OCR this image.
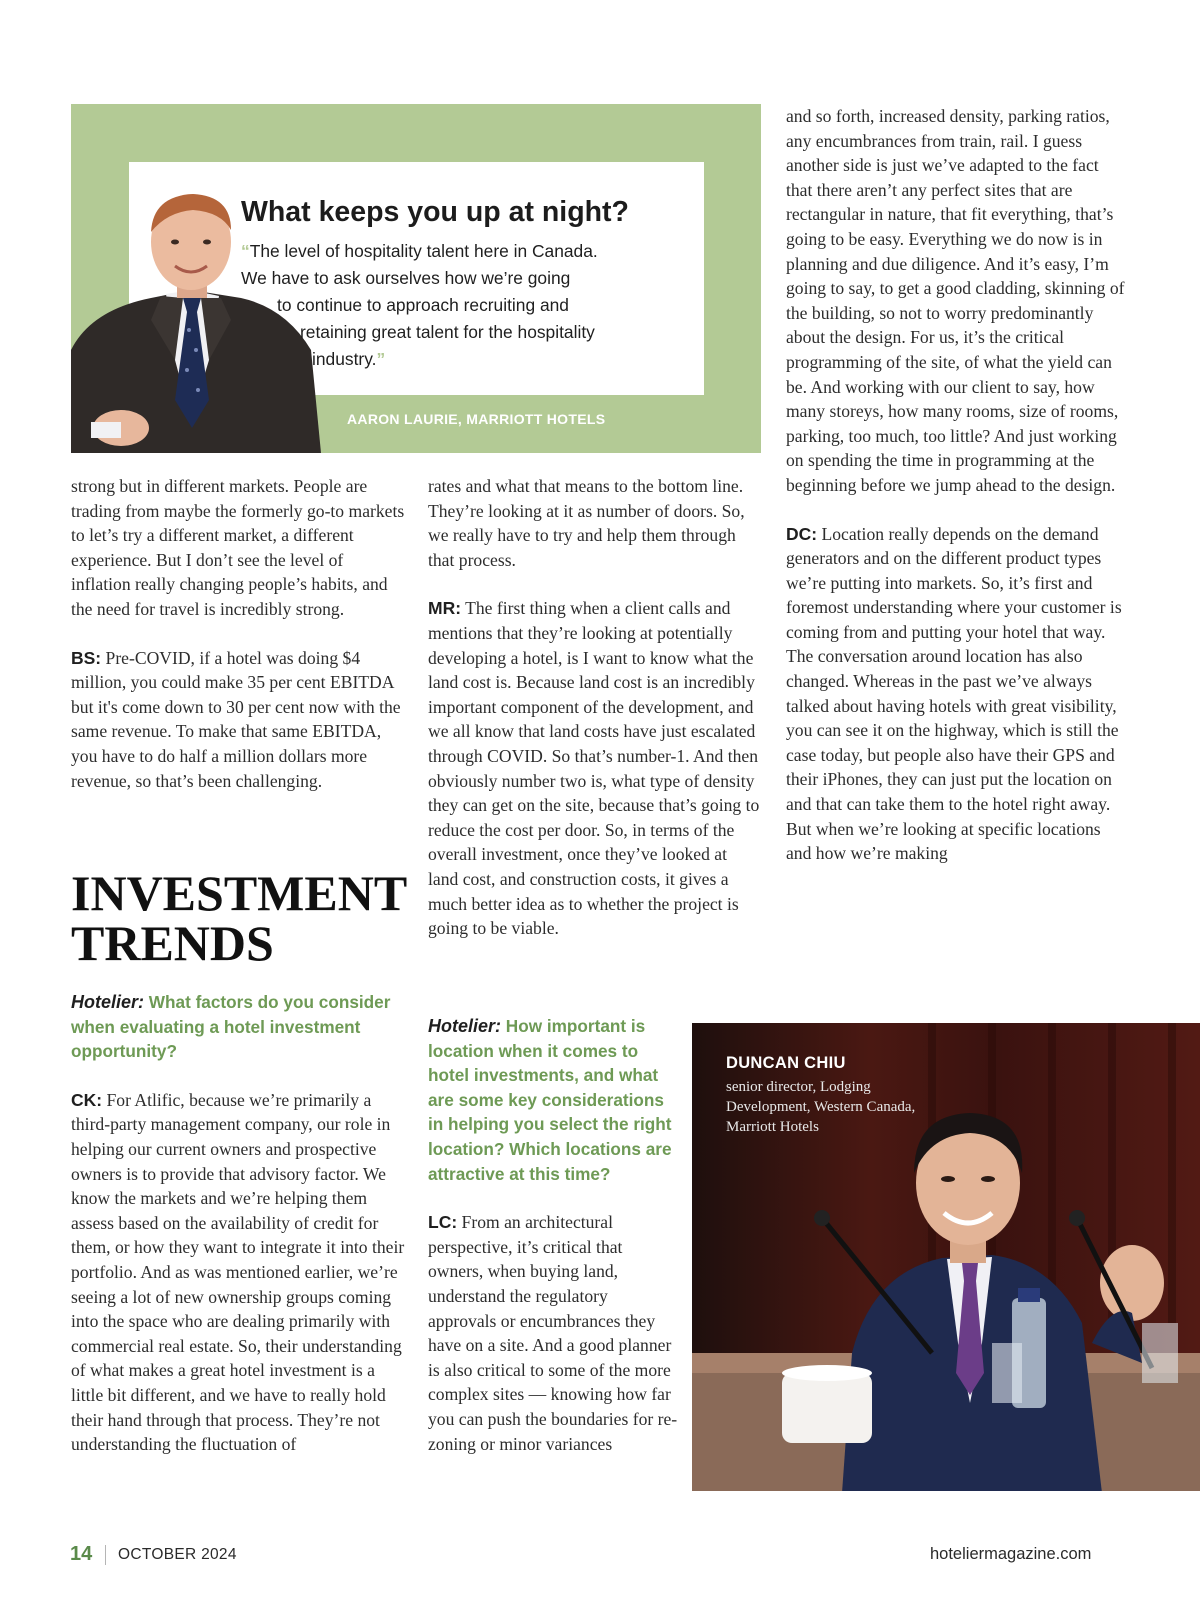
What keeps you up at night?
“The level of hospitality talent here in Canada.
We have to ask ourselves how we’re going
to continue to approach recruiting and
retaining great talent for the hospitality
industry.”
AARON LAURIE, MARRIOTT HOTELS

strong but in different markets. People are trading from maybe the formerly go-to markets to let’s try a different market, a different experience. But I don’t see the level of inflation really changing people’s habits, and the need for travel is incredibly strong.

BS: Pre-COVID, if a hotel was doing $4 million, you could make 35 per cent EBITDA but it's come down to 30 per cent now with the same revenue. To make that same EBITDA, you have to do half a million dollars more revenue, so that’s been challenging.

INVESTMENT TRENDS

Hotelier: What factors do you consider when evaluating a hotel investment opportunity?

CK: For Atlific, because we’re primarily a third-party management company, our role in helping our current owners and prospective owners is to provide that advisory factor. We know the markets and we’re helping them assess based on the availability of credit for them, or how they want to integrate it into their portfolio. And as was mentioned earlier, we’re seeing a lot of new ownership groups coming into the space who are dealing primarily with commercial real estate. So, their understanding of what makes a great hotel investment is a little bit different, and we have to really hold their hand through that process. They’re not understanding the fluctuation of

rates and what that means to the bottom line. They’re looking at it as number of doors. So, we really have to try and help them through that process.

MR: The first thing when a client calls and mentions that they’re looking at potentially developing a hotel, is I want to know what the land cost is. Because land cost is an incredibly important component of the development, and we all know that land costs have just escalated through COVID. So that’s number-1. And then obviously number two is, what type of density they can get on the site, because that’s going to reduce the cost per door. So, in terms of the overall investment, once they’ve looked at land cost, and construction costs, it gives a much better idea as to whether the project is going to be viable.

Hotelier: How important is location when it comes to hotel investments, and what are some key considerations in helping you select the right location? Which locations are attractive at this time?

LC: From an architectural perspective, it’s critical that owners, when buying land, understand the regulatory approvals or encumbrances they have on a site. And a good planner is also critical to some of the more complex sites — knowing how far you can push the boundaries for re-zoning or minor variances

and so forth, increased density, parking ratios, any encumbrances from train, rail. I guess another side is just we’ve adapted to the fact that there aren’t any perfect sites that are rectangular in nature, that fit everything, that’s going to be easy. Everything we do now is in planning and due diligence. And it’s easy, I’m going to say, to get a good cladding, skinning of the building, so not to worry predominantly about the design. For us, it’s the critical programming of the site, of what the yield can be. And working with our client to say, how many storeys, how many rooms, size of rooms, parking, too much, too little? And just working on spending the time in programming at the beginning before we jump ahead to the design.

DC: Location really depends on the demand generators and on the different product types we’re putting into markets. So, it’s first and foremost understanding where your customer is coming from and putting your hotel that way. The conversation around location has also changed. Whereas in the past we’ve always talked about having hotels with great visibility, you can see it on the highway, which is still the case today, but people also have their GPS and their iPhones, they can just put the location on and that can take them to the hotel right away. But when we’re looking at specific locations and how we’re making

DUNCAN CHIU
senior director, Lodging Development, Western Canada, Marriott Hotels
14 OCTOBER 2024	hoteliermagazine.com
